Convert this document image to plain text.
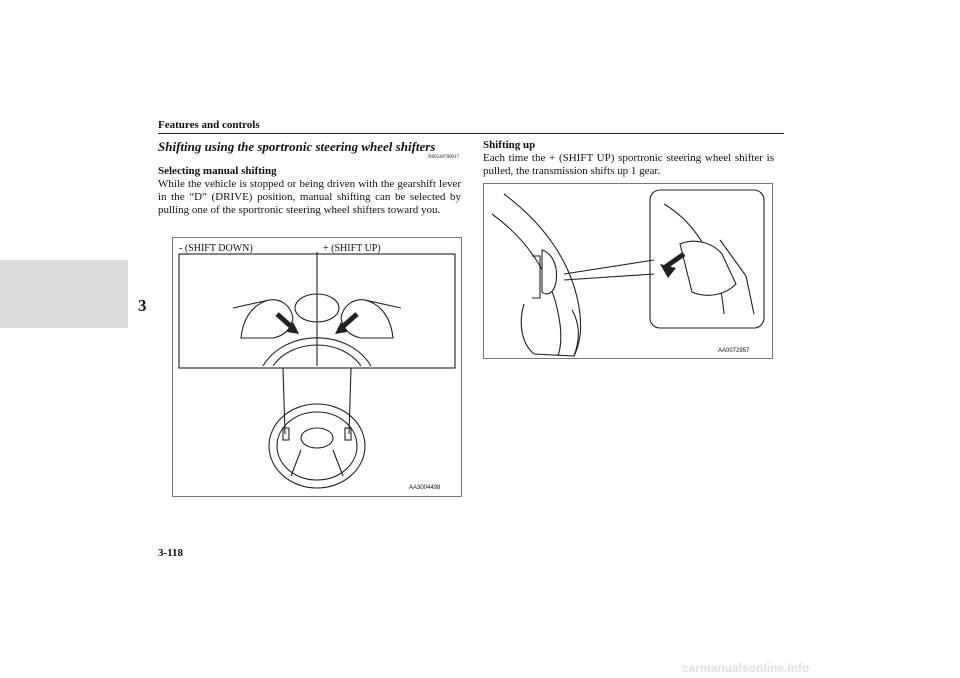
Features and controls
3
Shifting using the sportronic steering wheel shifters
N00540700017
Selecting manual shifting
While the vehicle is stopped or being driven with the gearshift lever in the “D” (DRIVE) position, manual shifting can be selected by pulling one of the sportronic steering wheel shifters toward you.
- (SHIFT DOWN)	+ (SHIFT UP)
AA3004498
Shifting up
Each time the + (SHIFT UP) sportronic steering wheel shifter is pulled, the transmission shifts up 1 gear.
AA0072957
3-118
carmanualsonline.info
